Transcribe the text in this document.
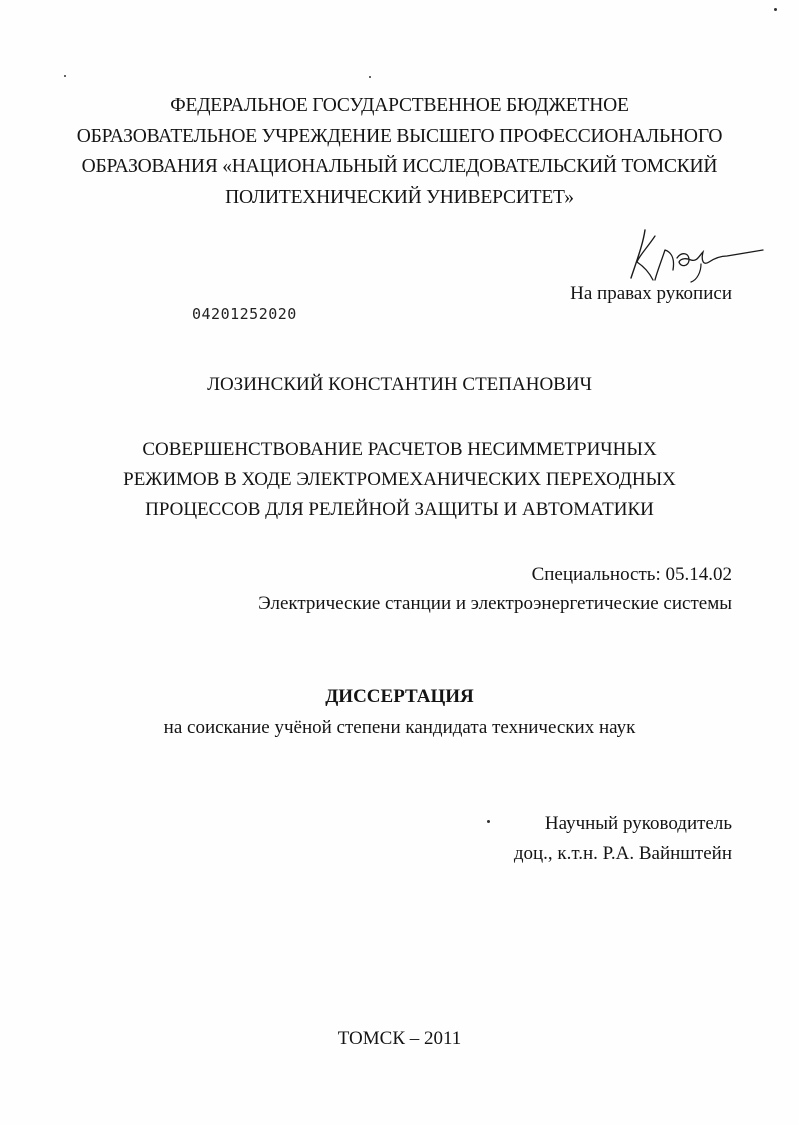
ФЕДЕРАЛЬНОЕ ГОСУДАРСТВЕННОЕ БЮДЖЕТНОЕ
ОБРАЗОВАТЕЛЬНОЕ УЧРЕЖДЕНИЕ ВЫСШЕГО ПРОФЕССИОНАЛЬНОГО
ОБРАЗОВАНИЯ «НАЦИОНАЛЬНЫЙ ИССЛЕДОВАТЕЛЬСКИЙ ТОМСКИЙ
ПОЛИТЕХНИЧЕСКИЙ УНИВЕРСИТЕТ»
На правах рукописи
04201252020
ЛОЗИНСКИЙ КОНСТАНТИН СТЕПАНОВИЧ
СОВЕРШЕНСТВОВАНИЕ РАСЧЕТОВ НЕСИММЕТРИЧНЫХ
РЕЖИМОВ В ХОДЕ ЭЛЕКТРОМЕХАНИЧЕСКИХ ПЕРЕХОДНЫХ
ПРОЦЕССОВ ДЛЯ РЕЛЕЙНОЙ ЗАЩИТЫ И АВТОМАТИКИ
Специальность: 05.14.02
Электрические станции и электроэнергетические системы
ДИССЕРТАЦИЯ
на соискание учёной степени кандидата технических наук
Научный руководитель
доц., к.т.н. Р.А. Вайнштейн
ТОМСК – 2011
